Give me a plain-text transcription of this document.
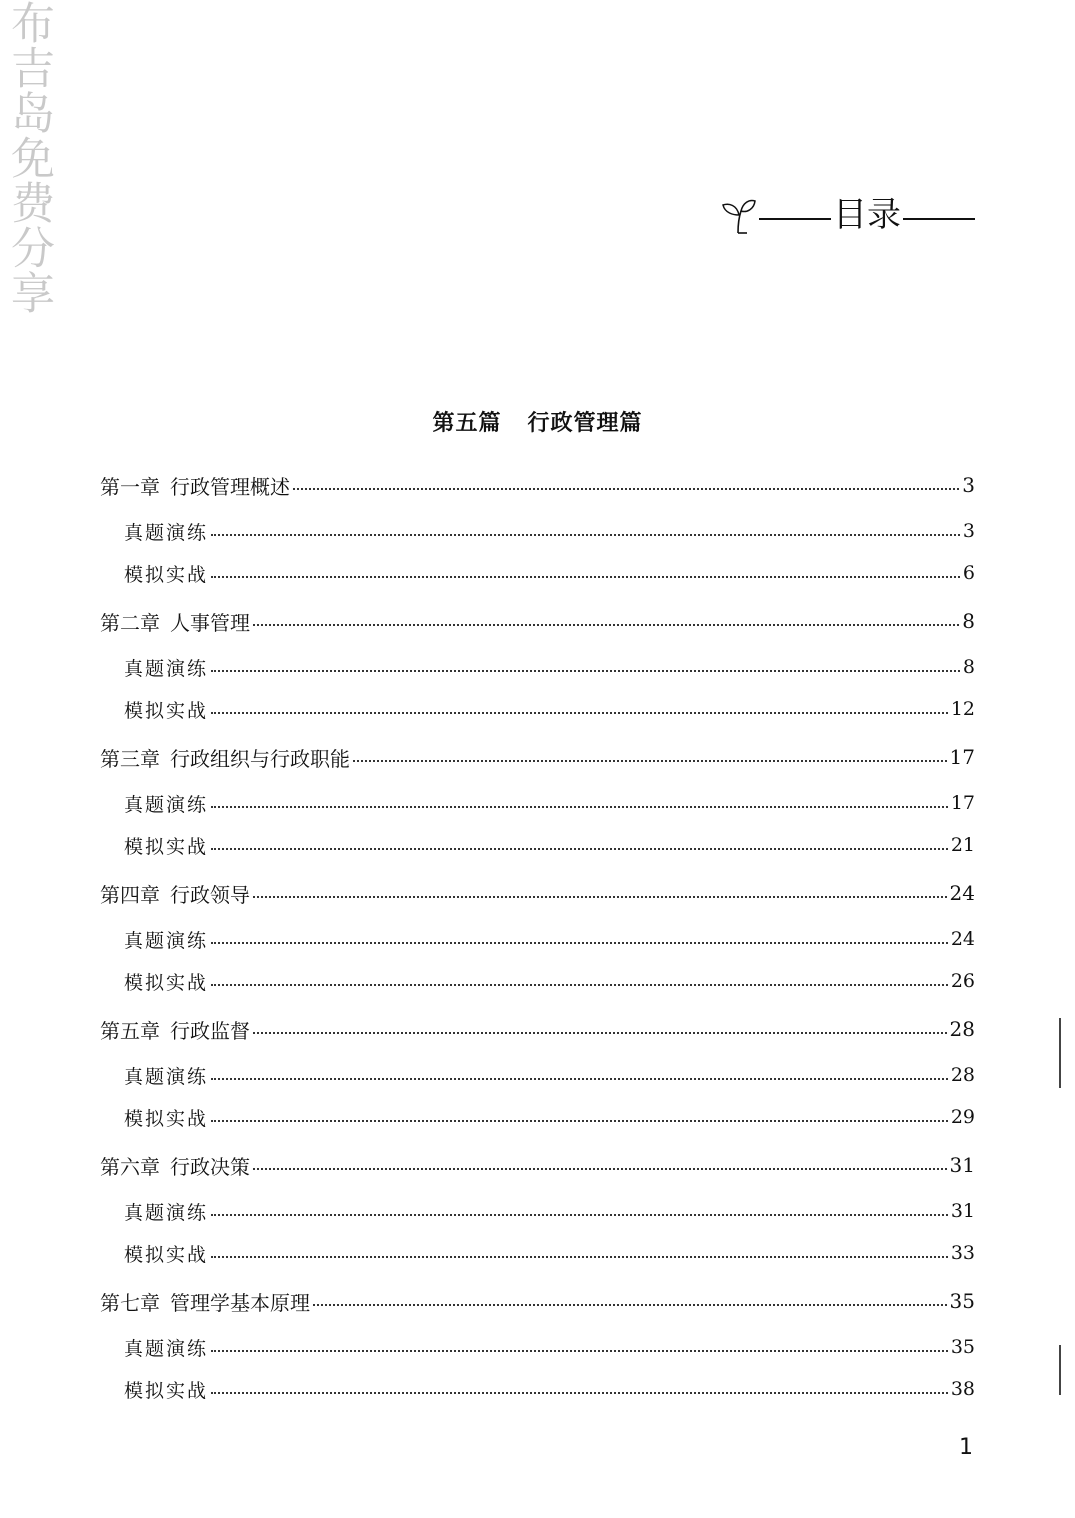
布吉岛免费分享	目录
第五篇 行政管理篇
第一章 行政管理概述	3
真题演练	3
模拟实战	6
第二章 人事管理	8
真题演练	8
模拟实战	12
第三章 行政组织与行政职能	17
真题演练	17
模拟实战	21
第四章 行政领导	24
真题演练	24
模拟实战	26
第五章 行政监督	28
真题演练	28
模拟实战	29
第六章 行政决策	31
真题演练	31
模拟实战	33
第七章 管理学基本原理	35
真题演练	35
模拟实战	38
1
